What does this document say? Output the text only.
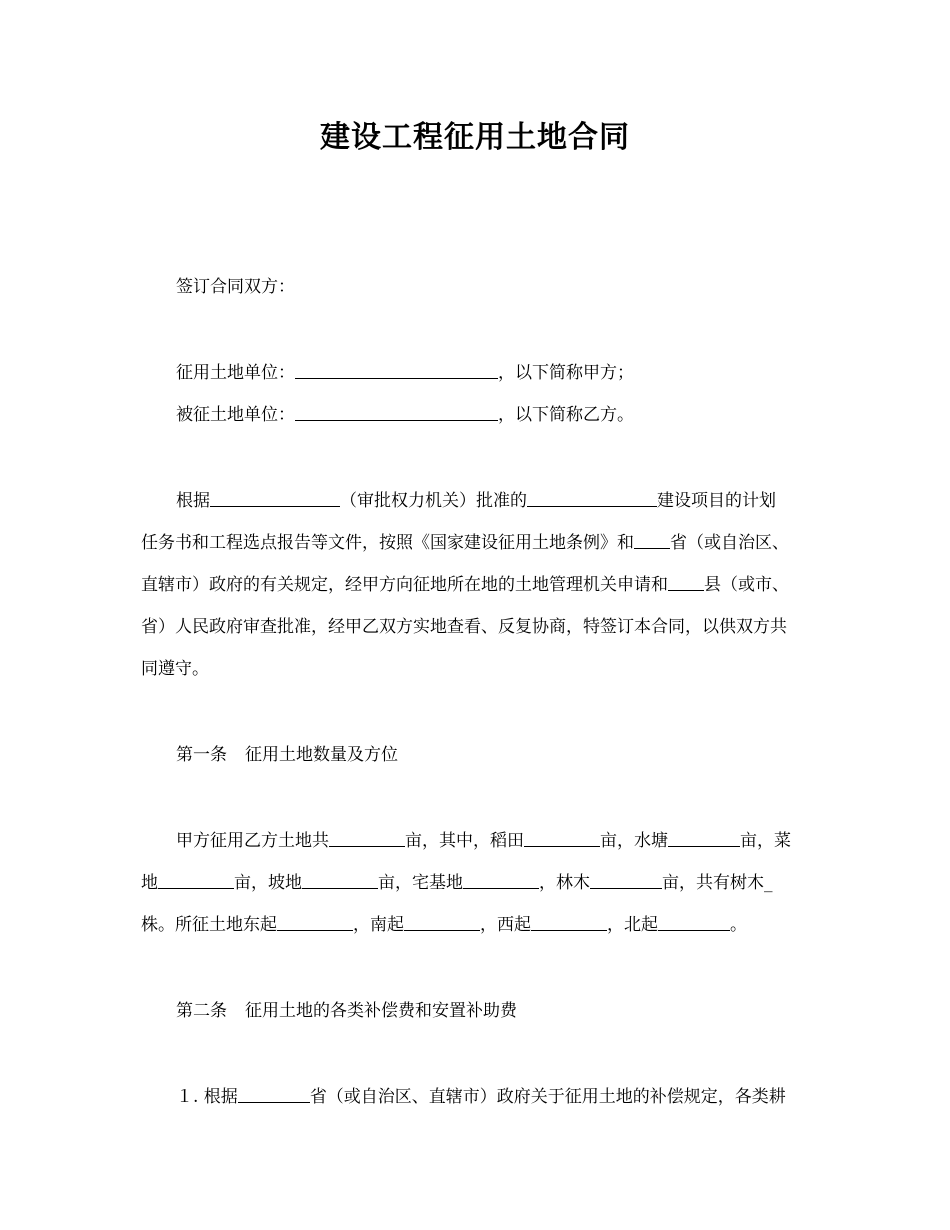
建设工程征用土地合同
签订合同双方：
征用土地单位：	，以下简称甲方；
被征土地单位：	，以下简称乙方。
根据	（审批权力机关）批准的	建设项目的计划
任务书和工程选点报告等文件，按照《国家建设征用土地条例》和 省（或自治区、
直辖市）政府的有关规定，经甲方向征地所在地的土地管理机关申请和 县（或市、
省）人民政府审查批准，经甲乙双方实地查看、反复协商，特签订本合同，以供双方共
同遵守。
第一条 征用土地数量及方位
甲方征用乙方土地共	亩，其中，稻田	亩，水塘	亩，菜
地	亩，坡地	亩，宅基地	，林木	亩，共有树木_
株。所征土地东起	，南起	，西起	，北起	。
第二条 征用土地的各类补偿费和安置补助费
１. 根据	省（或自治区、直辖市）政府关于征用土地的补偿规定，各类耕
